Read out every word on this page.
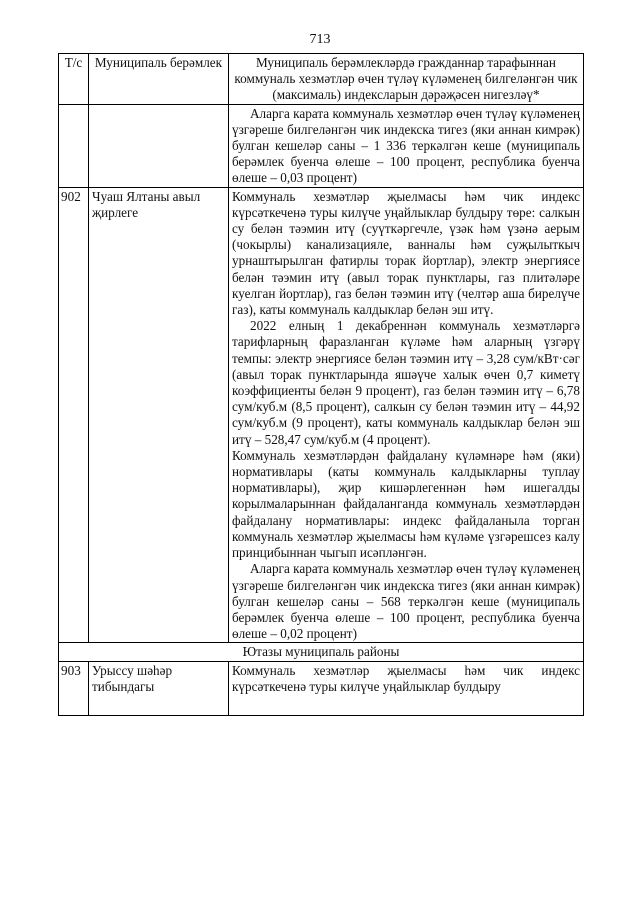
713
Т/с	Муниципаль берәмлек	Муниципаль берәмлекләрдә гражданнар тарафыннан коммуналь хезмәтләр өчен түләү күләменең билгеләнгән чик (максималь) индексларын дәрәҗәсен нигезләү*
		Аларга карата коммуналь хезмәтләр өчен түләү күләменең үзгәреше билгеләнгән чик индекска тигез (яки аннан кимрәк) булган кешеләр саны – 1 336 теркәлгән кеше (муниципаль берәмлек буенча өлеше – 100 процент, республика буенча өлеше – 0,03 процент)
902	Чуаш Ялтаны авыл җирлеге	Коммуналь хезмәтләр җыелмасы һәм чик индекс күрсәткеченә туры килүче уңайлыклар булдыру төре: салкын су белән тәэмин итү (суүткәргечле, үзәк һәм үзәнә аерым (чокырлы) канализацияле, ванналы һәм суҗылыткыч урнаштырылган фатирлы торак йортлар), электр энергиясе белән тәэмин итү (авыл торак пунктлары, газ плитәләре куелган йортлар), газ белән тәэмин итү (челтәр аша бирелүче газ), каты коммуналь калдыклар белән эш итү.

2022 елның 1 декабреннән коммуналь хезмәтләргә тарифларның фаразланган күләме һәм аларның үзгәрү темпы: электр энергиясе белән тәэмин итү – 3,28 сум/кВт·сәг (авыл торак пунктларында яшәүче халык өчен 0,7 киметү коэффициенты белән 9 процент), газ белән тәэмин итү – 6,78 сум/куб.м (8,5 процент), салкын су белән тәэмин итү – 44,92 сум/куб.м (9 процент), каты коммуналь калдыклар белән эш итү – 528,47 сум/куб.м (4 процент).

Коммуналь хезмәтләрдән файдалану күләмнәре һәм (яки) нормативлары (каты коммуналь калдыкларны туплау нормативлары), җир кишәрлегеннән һәм ишегалды корылмаларыннан файдаланганда коммуналь хезмәтләрдән файдалану нормативлары: индекс файдаланыла торган коммуналь хезмәтләр җыелмасы һәм күләме үзгәрешсез калу принцибыннан чыгып исәпләнгән.

Аларга карата коммуналь хезмәтләр өчен түләү күләменең үзгәреше билгеләнгән чик индекска тигез (яки аннан кимрәк) булган кешеләр саны – 568 теркәлгән кеше (муниципаль берәмлек буенча өлеше – 100 процент, республика буенча өлеше – 0,02 процент)

Ютазы муниципаль районы		
903	Урыссу шәһәр тибындагы	Коммуналь хезмәтләр җыелмасы һәм чик индекс күрсәткеченә туры килүче уңайлыклар булдыру
